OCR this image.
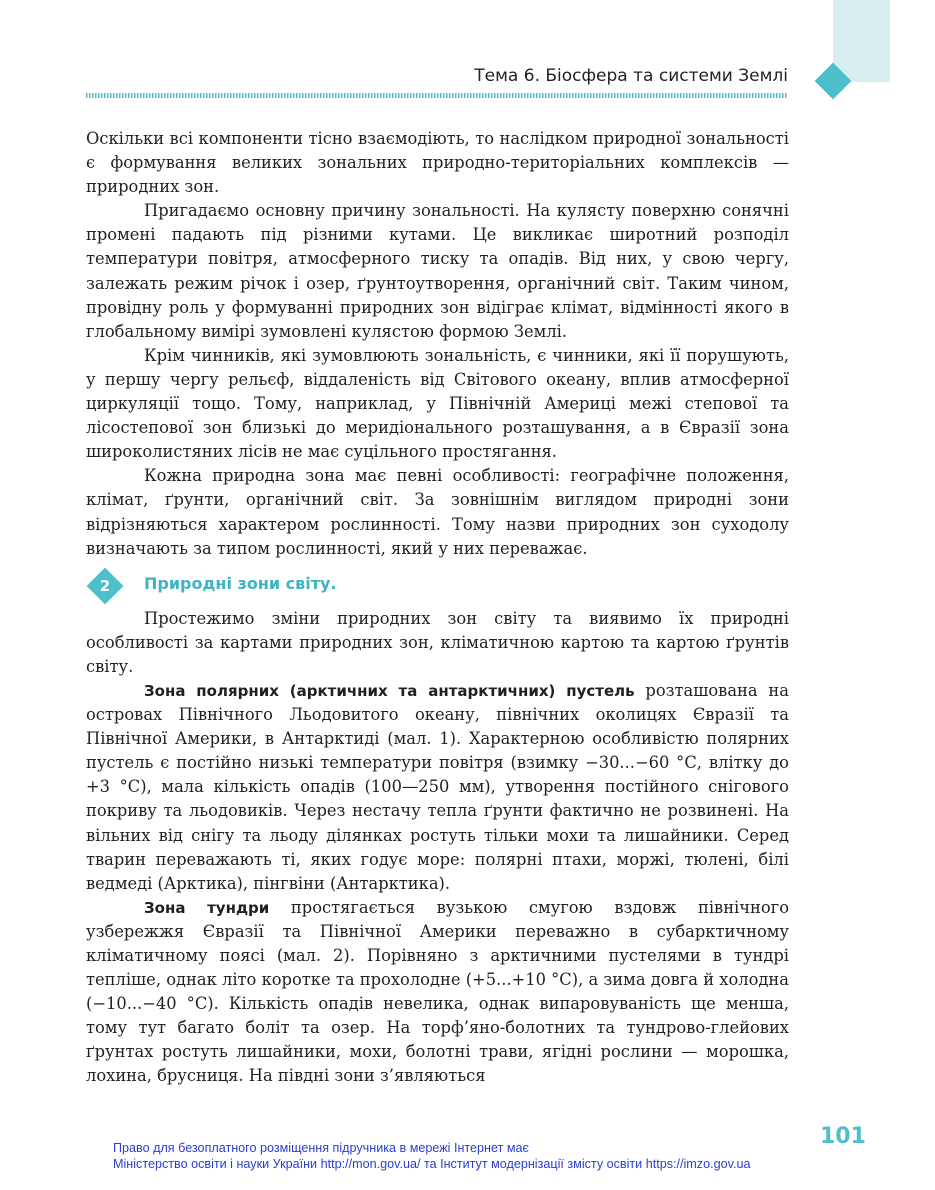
Тема 6. Біосфера та системи Землі

Оскільки всі компоненти тісно взаємодіють, то наслідком природної зональності є формування великих зональних природно-територіальних комплексів — природних зон.

Пригадаємо основну причину зональності. На кулясту поверхню сонячні промені падають під різними кутами. Це викликає широтний розподіл температури повітря, атмосферного тиску та опадів. Від них, у свою чергу, залежать режим річок і озер, ґрунтоутворення, органічний світ. Таким чином, провідну роль у формуванні природних зон відіграє клімат, відмінності якого в глобальному вимірі зумовлені кулястою формою Землі.

Крім чинників, які зумовлюють зональність, є чинники, які її порушують, у першу чергу рельєф, віддаленість від Світового океану, вплив атмосферної циркуляції тощо. Тому, наприклад, у Північній Америці межі степової та лісостепової зон близькі до меридіонального розташування, а в Євразії зона широколистяних лісів не має суцільного простягання.

Кожна природна зона має певні особливості: географічне положення, клімат, ґрунти, органічний світ. За зовнішнім виглядом природні зони відрізняються характером рослинності. Тому назви природних зон суходолу визначають за типом рослинності, який у них переважає.

2	Природні зони світу.

Простежимо зміни природних зон світу та виявимо їх природні особливості за картами природних зон, кліматичною картою та картою ґрунтів світу.

Зона полярних (арктичних та антарктичних) пустель розташована на островах Північного Льодовитого океану, північних околицях Євразії та Північної Америки, в Антарктиді (мал. 1). Характерною особливістю полярних пустель є постійно низькі температури повітря (взимку −30...−60 °С, влітку до +3 °С), мала кількість опадів (100—250 мм), утворення постійного снігового покриву та льодовиків. Через нестачу тепла ґрунти фактично не розвинені. На вільних від снігу та льоду ділянках ростуть тільки мохи та лишайники. Серед тварин переважають ті, яких годує море: полярні птахи, моржі, тюлені, білі ведмеді (Арктика), пінгвіни (Антарктика).

Зона тундри простягається вузькою смугою вздовж північного узбережжя Євразії та Північної Америки переважно в субарктичному кліматичному поясі (мал. 2). Порівняно з арктичними пустелями в тундрі тепліше, однак літо коротке та прохолодне (+5...+10 °С), а зима довга й холодна (−10...−40 °С). Кількість опадів невелика, однак випаровуваність ще менша, тому тут багато боліт та озер. На торф’яно-болотних та тундрово-глейових ґрунтах ростуть лишайники, мохи, болотні трави, ягідні рослини — морошка, лохина, брусниця. На півдні зони з’являються

101
Право для безоплатного розміщення підручника в мережі Інтернет має
Міністерство освіти і науки України http://mon.gov.ua/ та Інститут модернізації змісту освіти https://imzo.gov.ua
